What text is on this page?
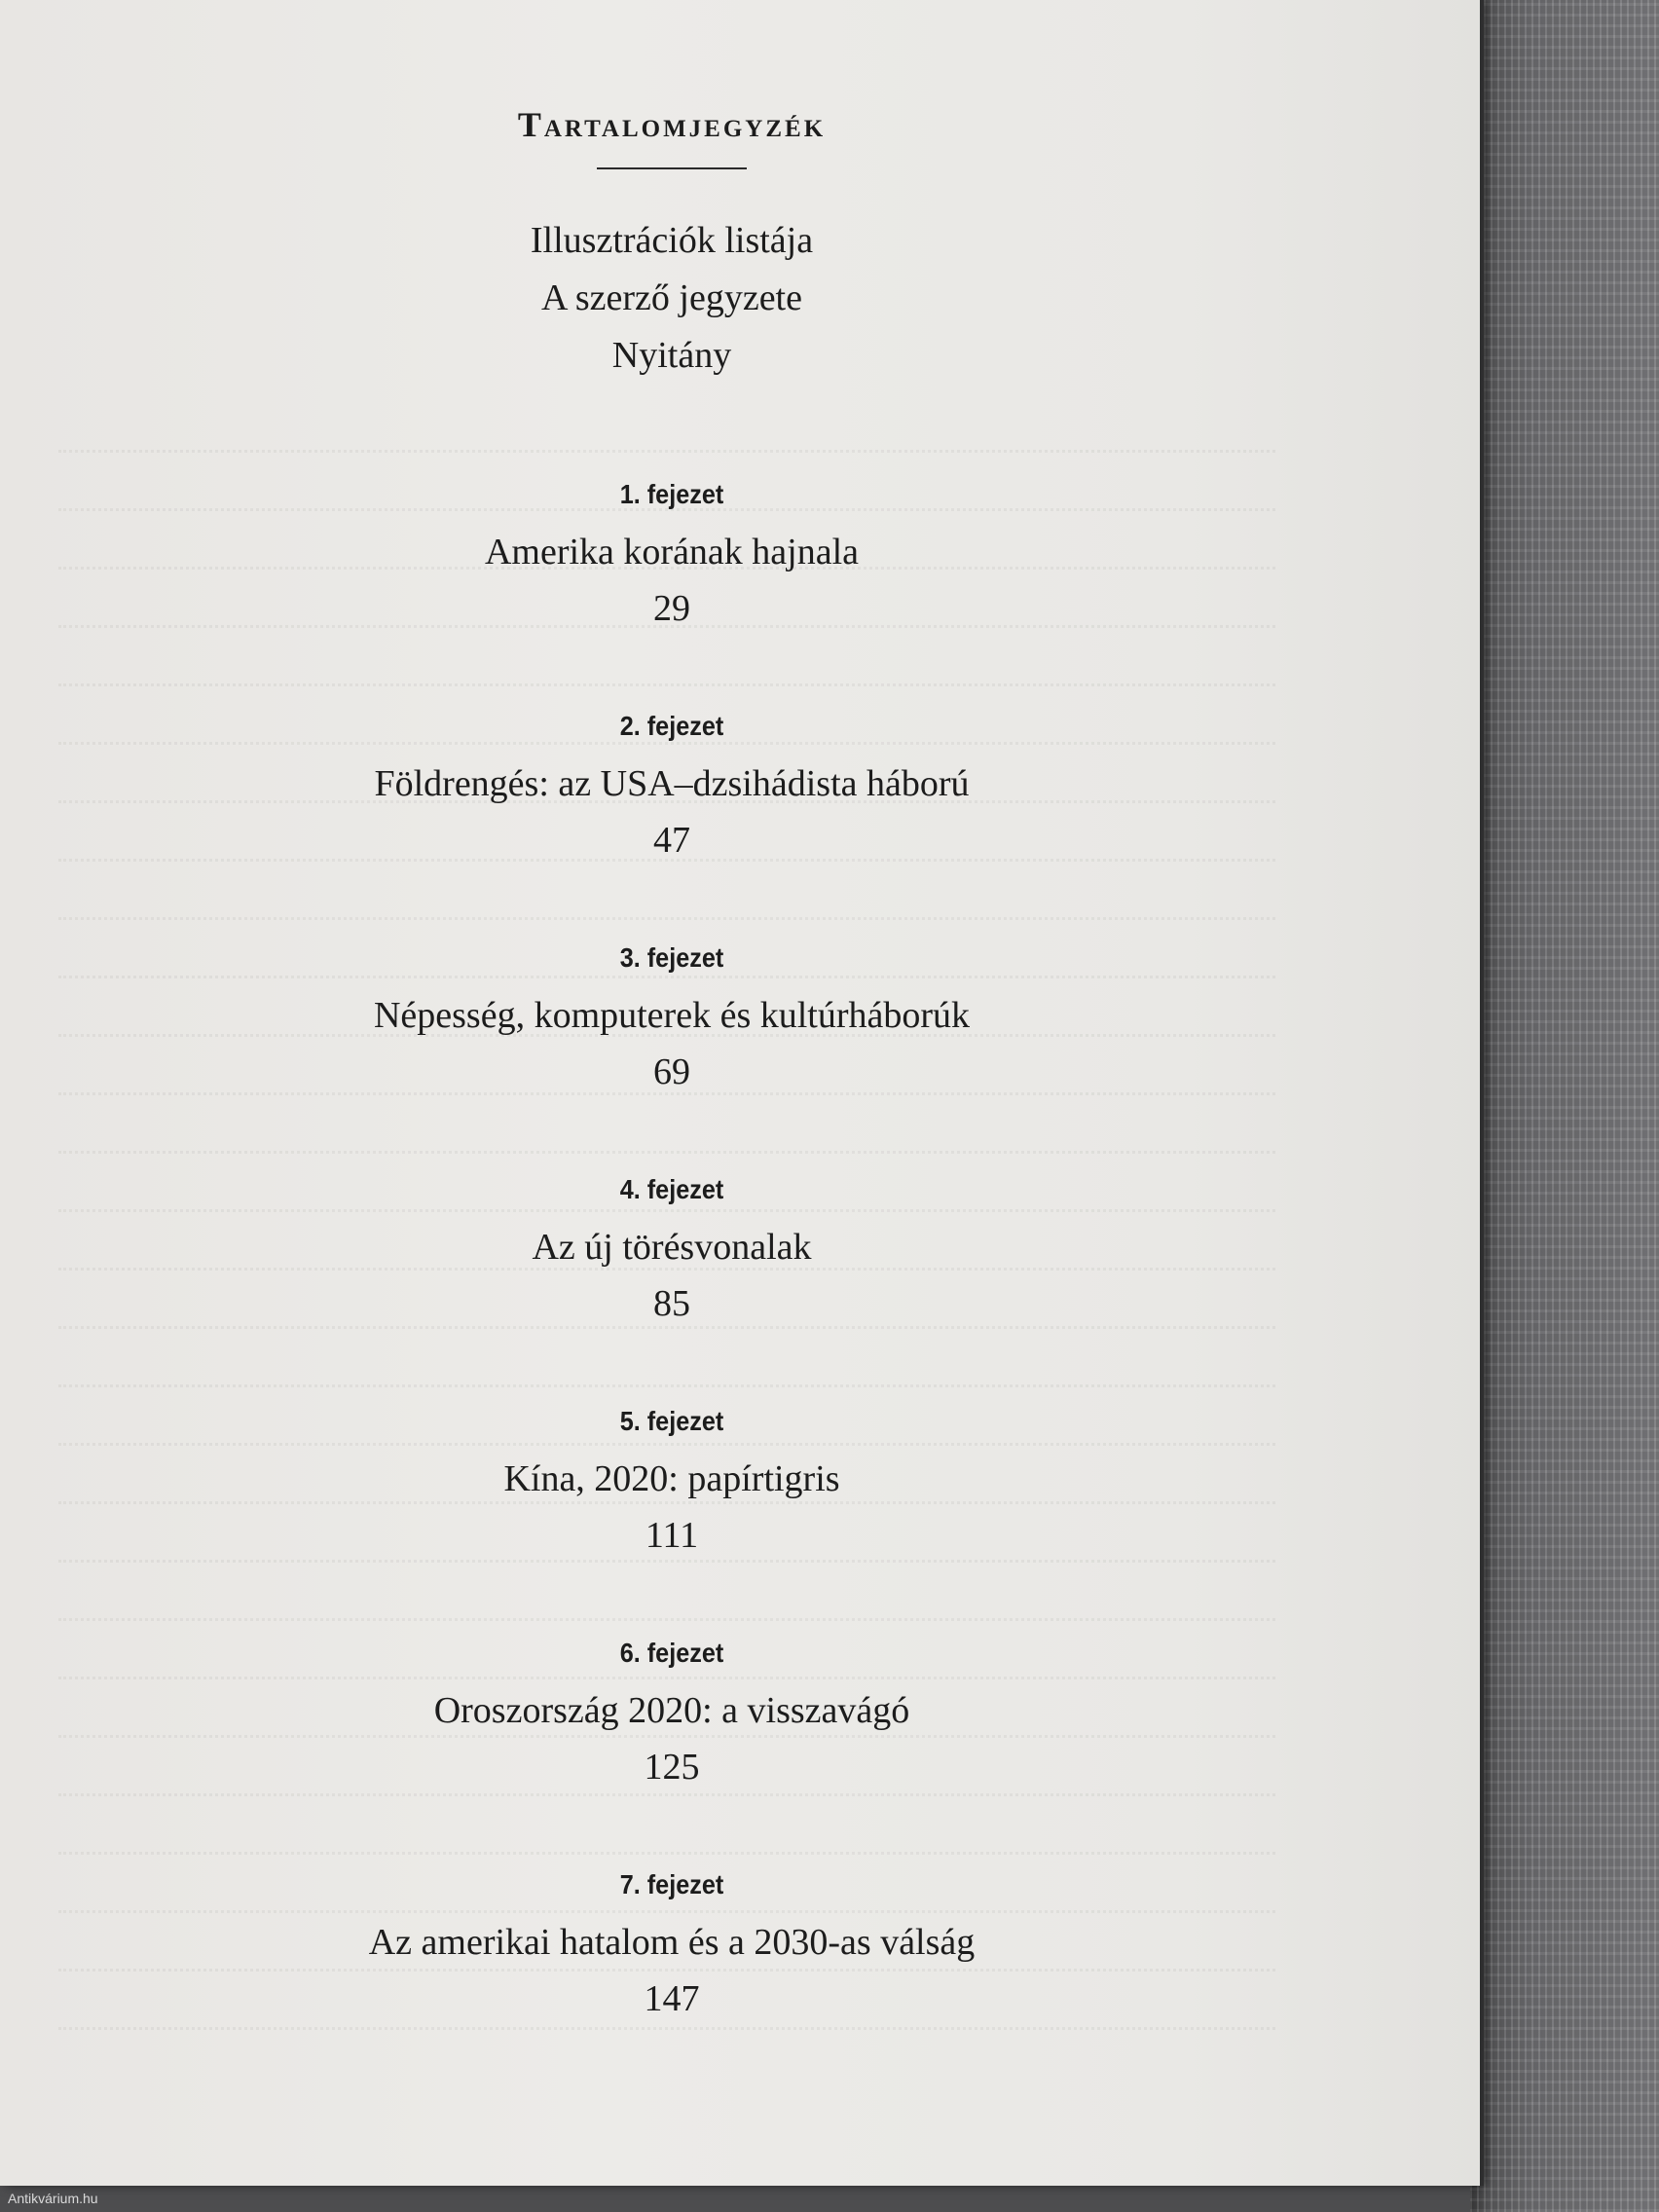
Tartalomjegyzék
Illusztrációk listája
A szerző jegyzete
Nyitány
1. fejezet
Amerika korának hajnala
29
2. fejezet
Földrengés: az USA–dzsihádista háború
47
3. fejezet
Népesség, komputerek és kultúrháborúk
69
4. fejezet
Az új törésvonalak
85
5. fejezet
Kína, 2020: papírtigris
111
6. fejezet
Oroszország 2020: a visszavágó
125
7. fejezet
Az amerikai hatalom és a 2030-as válság
147
Antikvárium.hu
